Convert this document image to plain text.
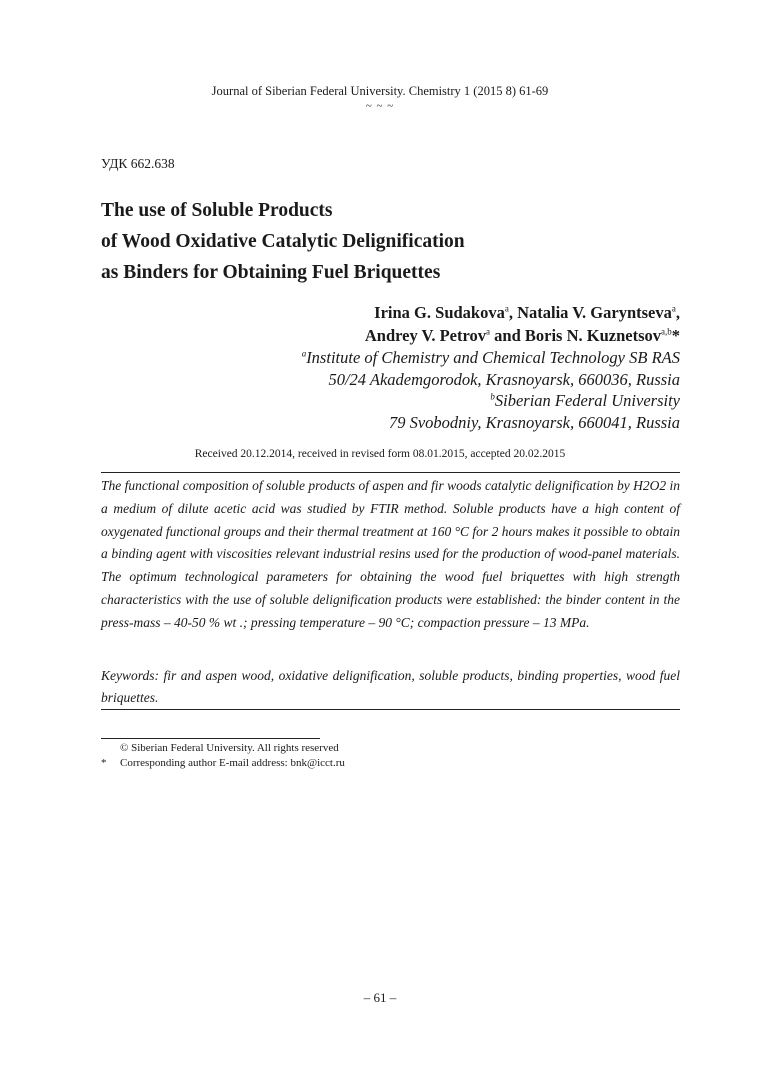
Journal of Siberian Federal University. Chemistry 1 (2015 8) 61-69
~ ~ ~
УДК 662.638
The use of Soluble Products
of Wood Oxidative Catalytic Delignification
as Binders for Obtaining Fuel Briquettes
Irina G. Sudakova$^a$, Natalia V. Garyntseva$^a$,
Andrey V. Petrov$^a$ and Boris N. Kuznetsov$^{a,b}$*
$^a$Institute of Chemistry and Chemical Technology SB RAS
50/24 Akademgorodok, Krasnoyarsk, 660036, Russia
$^b$Siberian Federal University
79 Svobodniy, Krasnoyarsk, 660041, Russia
Received 20.12.2014, received in revised form 08.01.2015, accepted 20.02.2015

The functional composition of soluble products of aspen and fir woods catalytic delignification by H2O2 in a medium of dilute acetic acid was studied by FTIR method. Soluble products have a high content of oxygenated functional groups and their thermal treatment at 160 °C for 2 hours makes it possible to obtain a binding agent with viscosities relevant industrial resins used for the production of wood-panel materials. The optimum technological parameters for obtaining the wood fuel briquettes with high strength characteristics with the use of soluble delignification products were established: the binder content in the press-mass – 40-50 % wt .; pressing temperature – 90 °C; compaction pressure – 13 MPa.

Keywords: fir and aspen wood, oxidative delignification, soluble products, binding properties, wood fuel briquettes.
© Siberian Federal University. All rights reserved
*	Corresponding author E-mail address: bnk@icct.ru
– 61 –
